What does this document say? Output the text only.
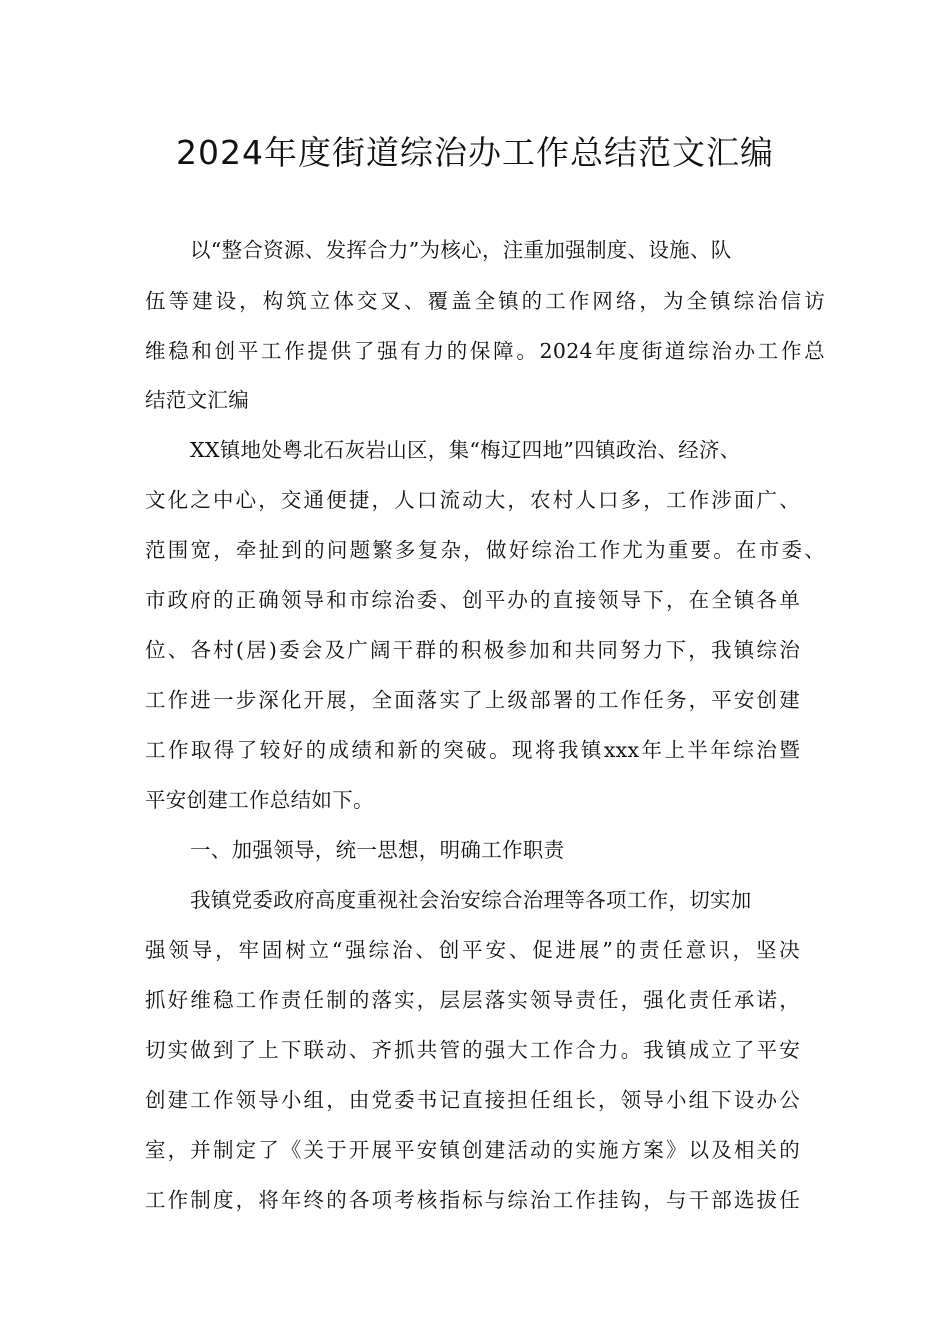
2024年度街道综治办工作总结范文汇编
以“整合资源、发挥合力”为核心，注重加强制度、设施、队
伍等建设，构筑立体交叉、覆盖全镇的工作网络，为全镇综治信访
维稳和创平工作提供了强有力的保障。2024年度街道综治办工作总
结范文汇编
XX镇地处粤北石灰岩山区，集“梅辽四地”四镇政治、经济、
文化之中心，交通便捷，人口流动大，农村人口多，工作涉面广、
范围宽，牵扯到的问题繁多复杂，做好综治工作尤为重要。在市委、
市政府的正确领导和市综治委、创平办的直接领导下，在全镇各单
位、各村(居)委会及广阔干群的积极参加和共同努力下，我镇综治
工作进一步深化开展，全面落实了上级部署的工作任务，平安创建
工作取得了较好的成绩和新的突破。现将我镇xxx年上半年综治暨
平安创建工作总结如下。
一、加强领导，统一思想，明确工作职责
我镇党委政府高度重视社会治安综合治理等各项工作，切实加
强领导，牢固树立“强综治、创平安、促进展”的责任意识，坚决
抓好维稳工作责任制的落实，层层落实领导责任，强化责任承诺，
切实做到了上下联动、齐抓共管的强大工作合力。我镇成立了平安
创建工作领导小组，由党委书记直接担任组长，领导小组下设办公
室，并制定了《关于开展平安镇创建活动的实施方案》以及相关的
工作制度，将年终的各项考核指标与综治工作挂钩，与干部选拔任
